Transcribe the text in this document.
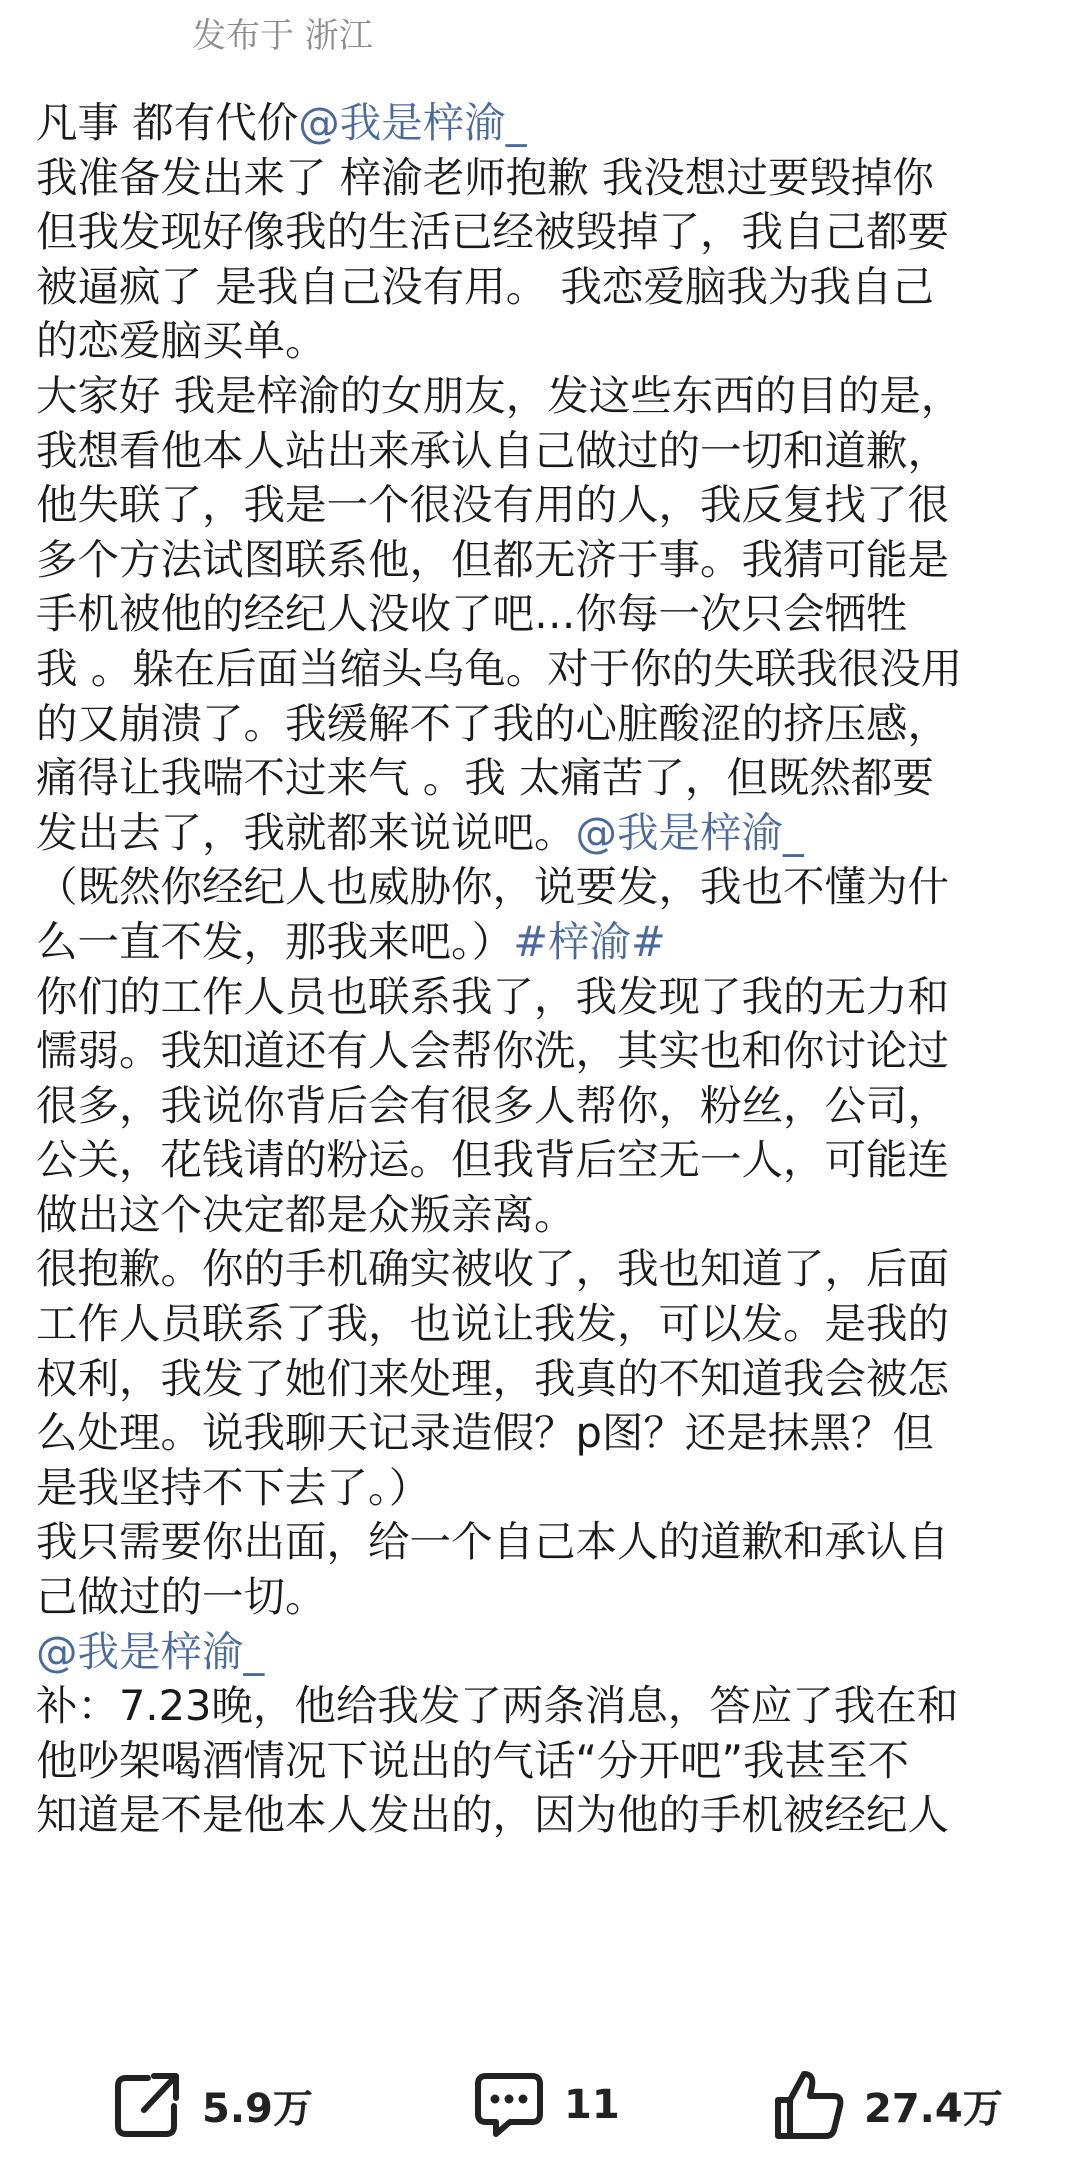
发布于 浙江
凡事 都有代价@我是梓渝_
我准备发出来了 梓渝老师抱歉 我没想过要毁掉你
但我发现好像我的生活已经被毁掉了，我自己都要
被逼疯了 是我自己没有用。 我恋爱脑我为我自己
的恋爱脑买单。
大家好 我是梓渝的女朋友，发这些东西的目的是，
我想看他本人站出来承认自己做过的一切和道歉，
他失联了，我是一个很没有用的人，我反复找了很
多个方法试图联系他，但都无济于事。我猜可能是
手机被他的经纪人没收了吧…你每一次只会牺牲
我 。躲在后面当缩头乌龟。对于你的失联我很没用
的又崩溃了。我缓解不了我的心脏酸涩的挤压感，
痛得让我喘不过来气 。我 太痛苦了，但既然都要
发出去了，我就都来说说吧。@我是梓渝_
（既然你经纪人也威胁你，说要发，我也不懂为什
么一直不发，那我来吧。）#梓渝#
你们的工作人员也联系我了，我发现了我的无力和
懦弱。我知道还有人会帮你洗，其实也和你讨论过
很多，我说你背后会有很多人帮你，粉丝，公司，
公关，花钱请的粉运。但我背后空无一人，可能连
做出这个决定都是众叛亲离。
很抱歉。你的手机确实被收了，我也知道了，后面
工作人员联系了我，也说让我发，可以发。是我的
权利，我发了她们来处理，我真的不知道我会被怎
么处理。说我聊天记录造假？p图？还是抹黑？但
是我坚持不下去了。）
我只需要你出面，给一个自己本人的道歉和承认自
己做过的一切。
@我是梓渝_
补：7.23晚，他给我发了两条消息，答应了我在和
他吵架喝酒情况下说出的气话“分开吧”我甚至不
知道是不是他本人发出的，因为他的手机被经纪人
5.9万	11	27.4万
